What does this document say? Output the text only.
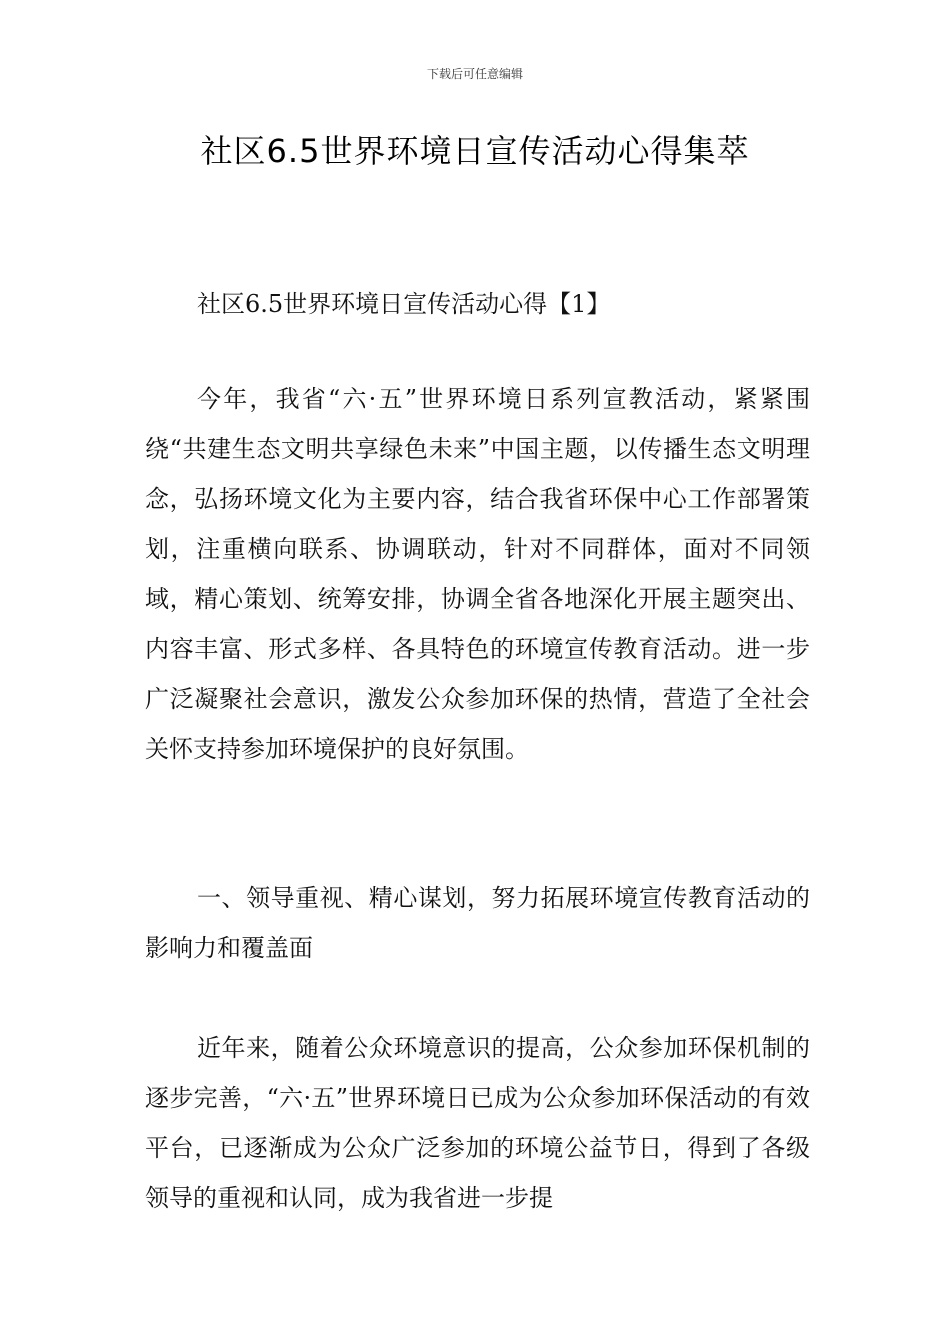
下载后可任意编辑
社区6.5世界环境日宣传活动心得集萃

社区6.5世界环境日宣传活动心得【1】

今年，我省“六·五”世界环境日系列宣教活动，紧紧围绕“共建生态文明共享绿色未来”中国主题，以传播生态文明理念，弘扬环境文化为主要内容，结合我省环保中心工作部署策划，注重横向联系、协调联动，针对不同群体，面对不同领域，精心策划、统筹安排，协调全省各地深化开展主题突出、内容丰富、形式多样、各具特色的环境宣传教育活动。进一步广泛凝聚社会意识，激发公众参加环保的热情，营造了全社会关怀支持参加环境保护的良好氛围。

一、领导重视、精心谋划，努力拓展环境宣传教育活动的影响力和覆盖面

近年来，随着公众环境意识的提高，公众参加环保机制的逐步完善，“六·五”世界环境日已成为公众参加环保活动的有效平台，已逐渐成为公众广泛参加的环境公益节日，得到了各级领导的重视和认同，成为我省进一步提
